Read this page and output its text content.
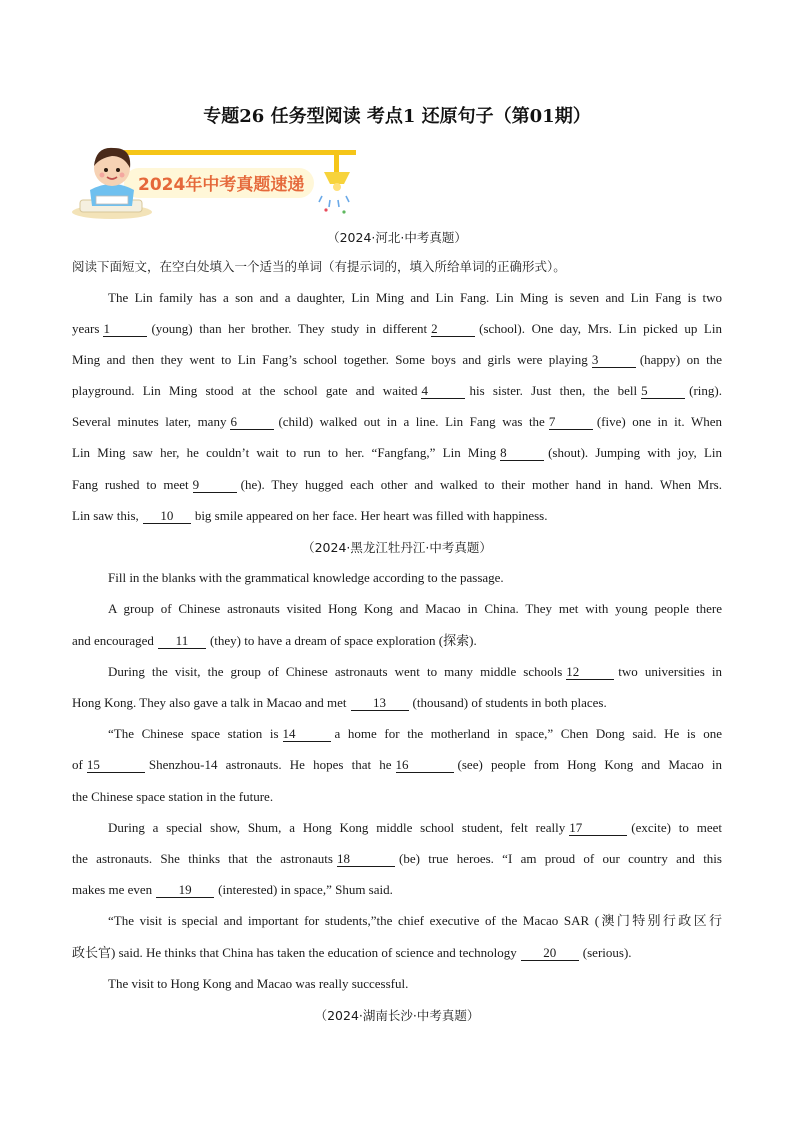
专题26 任务型阅读 考点1 还原句子（第01期）
2024年中考真题速递
（2024·河北·中考真题）
阅读下面短文，在空白处填入一个适当的单词（有提示词的，填入所给单词的正确形式）。
The Lin family has a son and a daughter, Lin Ming and Lin Fang. Lin Ming is seven and Lin Fang is two
years 1	(young) than her brother. They study in different 2	(school). One day, Mrs. Lin picked up Lin
Ming and then they went to Lin Fang’s school together. Some boys and girls were playing 3	(happy) on the
playground. Lin Ming stood at the school gate and waited 4	his sister. Just then, the bell 5	(ring).
Several minutes later, many 6	(child) walked out in a line. Lin Fang was the 7	(five) one in it. When
Lin Ming saw her, he couldn’t wait to run to her. “Fangfang,” Lin Ming 8	(shout). Jumping with joy, Lin
Fang rushed to meet 9	(he). They hugged each other and walked to their mother hand in hand. When Mrs.
Lin saw this, 10 big smile appeared on her face. Her heart was filled with happiness.
（2024·黑龙江牡丹江·中考真题）
Fill in the blanks with the grammatical knowledge according to the passage.
A group of Chinese astronauts visited Hong Kong and Macao in China. They met with young people there
and encouraged 11 (they) to have a dream of space exploration (探索).
During the visit, the group of Chinese astronauts went to many middle schools 12	two universities in
Hong Kong. They also gave a talk in Macao and met 13 (thousand) of students in both places.
“The Chinese space station is 14	a home for the motherland in space,” Chen Dong said. He is one
of 15	Shenzhou-14 astronauts. He hopes that he 16	(see) people from Hong Kong and Macao in
the Chinese space station in the future.
During a special show, Shum, a Hong Kong middle school student, felt really 17	(excite) to meet
the astronauts. She thinks that the astronauts 18	(be) true heroes. “I am proud of our country and this
makes me even 19 (interested) in space,” Shum said.
“The visit is special and important for students,”the chief executive of the Macao SAR (澳门特别行政区行
政长官) said. He thinks that China has taken the education of science and technology 20 (serious).
The visit to Hong Kong and Macao was really successful.
（2024·湖南长沙·中考真题）
